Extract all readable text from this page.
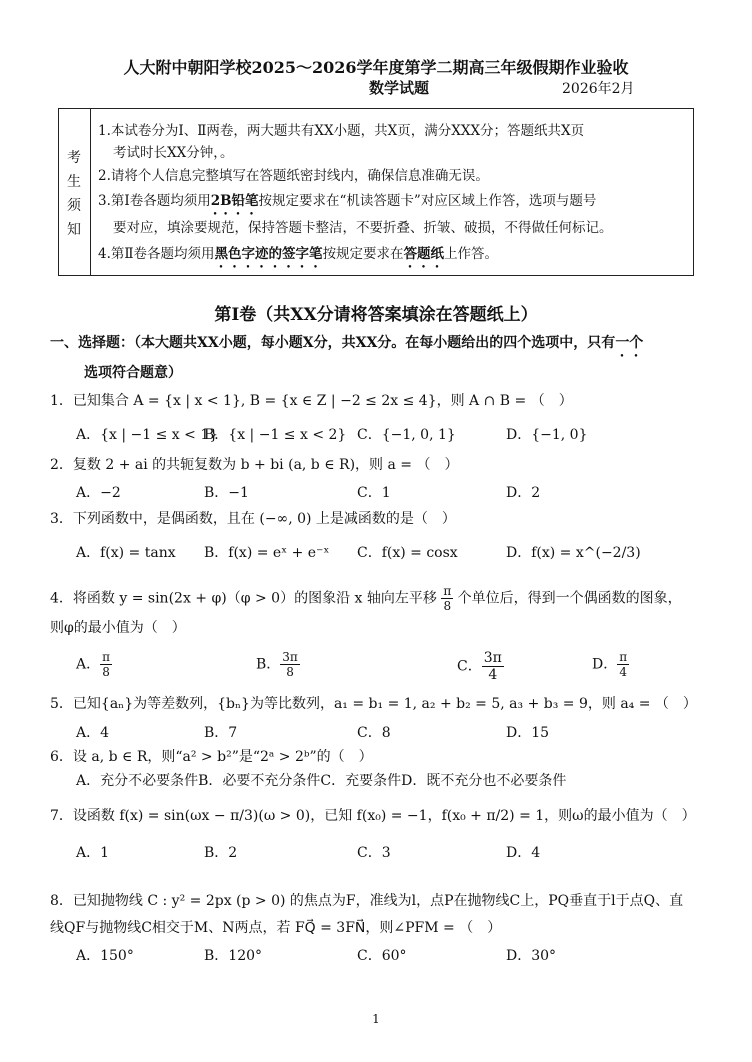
人大附中朝阳学校2025～2026学年度第学二期高三年级假期作业验收
数学试题	2026年2月
考
生
须
知
1.本试卷分为Ⅰ、Ⅱ两卷，两大题共有XX小题，共X页，满分XXX分；答题纸共X页
考试时长XX分钟，。
2.请将个人信息完整填写在答题纸密封线内，确保信息准确无误。
3.第Ⅰ卷各题均须用2B铅笔按规定要求在“机读答题卡”对应区域上作答，选项与题号
要对应，填涂要规范，保持答题卡整洁，不要折叠、折皱、破损，不得做任何标记。
4.第Ⅱ卷各题均须用黑色字迹的签字笔按规定要求在答题纸上作答。
第Ⅰ卷（共XX分请将答案填涂在答题纸上）
一、选择题：（本大题共XX小题，每小题X分，共XX分。在每小题给出的四个选项中，只有一个
选项符合题意）
1．已知集合 A = {x | x < 1}, B = {x ∈ Z | −2 ≤ 2x ≤ 4}，则 A ∩ B = （　）
A．{x | −1 ≤ x < 1}
B．{x | −1 ≤ x < 2} C．{−1, 0, 1}	D．{−1, 0}
2．复数 2 + ai 的共轭复数为 b + bi (a, b ∈ R)，则 a = （　）
A．−2	B．−1	C．1	D．2
3．下列函数中，是偶函数，且在 (−∞, 0) 上是减函数的是（　）
A．f(x) = tanx B．f(x) = eˣ + e⁻ˣ C．f(x) = cosx	D．f(x) = x^(−2/3)
4．将函数 y = sin(2x + φ)（φ > 0）的图象沿 x 轴向左平移 $\frac{\pi}{8}$ 个单位后，得到一个偶函数的图象，
则φ的最小值为（　）
A． $\frac{\pi}{8}$	B． $\frac{3\pi}{8}$	C． $\frac{3\pi}{4}$	D． $\frac{\pi}{4}$
5．已知{aₙ}为等差数列，{bₙ}为等比数列，a₁ = b₁ = 1, a₂ + b₂ = 5, a₃ + b₃ = 9，则 a₄ = （　）
A．4	B．7	C．8	D．15
6．设 a, b ∈ R，则“a² > b²”是“2ᵃ > 2ᵇ”的（　）
A．充分不必要条件B．必要不充分条件C．充要条件D．既不充分也不必要条件
7．设函数 f(x) = sin(ωx − π/3)(ω > 0)，已知 f(x₀) = −1，f(x₀ + π/2) = 1，则ω的最小值为（　）
A．1	B．2	C．3	D．4
8．已知抛物线 C : y² = 2px (p > 0) 的焦点为F，准线为l，点P在抛物线C上，PQ垂直于l于点Q、直
线QF与抛物线C相交于M、N两点，若 FQ⃗ = 3FN⃗，则∠PFM = （　）
A．150°	B．120°	C．60°	D．30°
1
